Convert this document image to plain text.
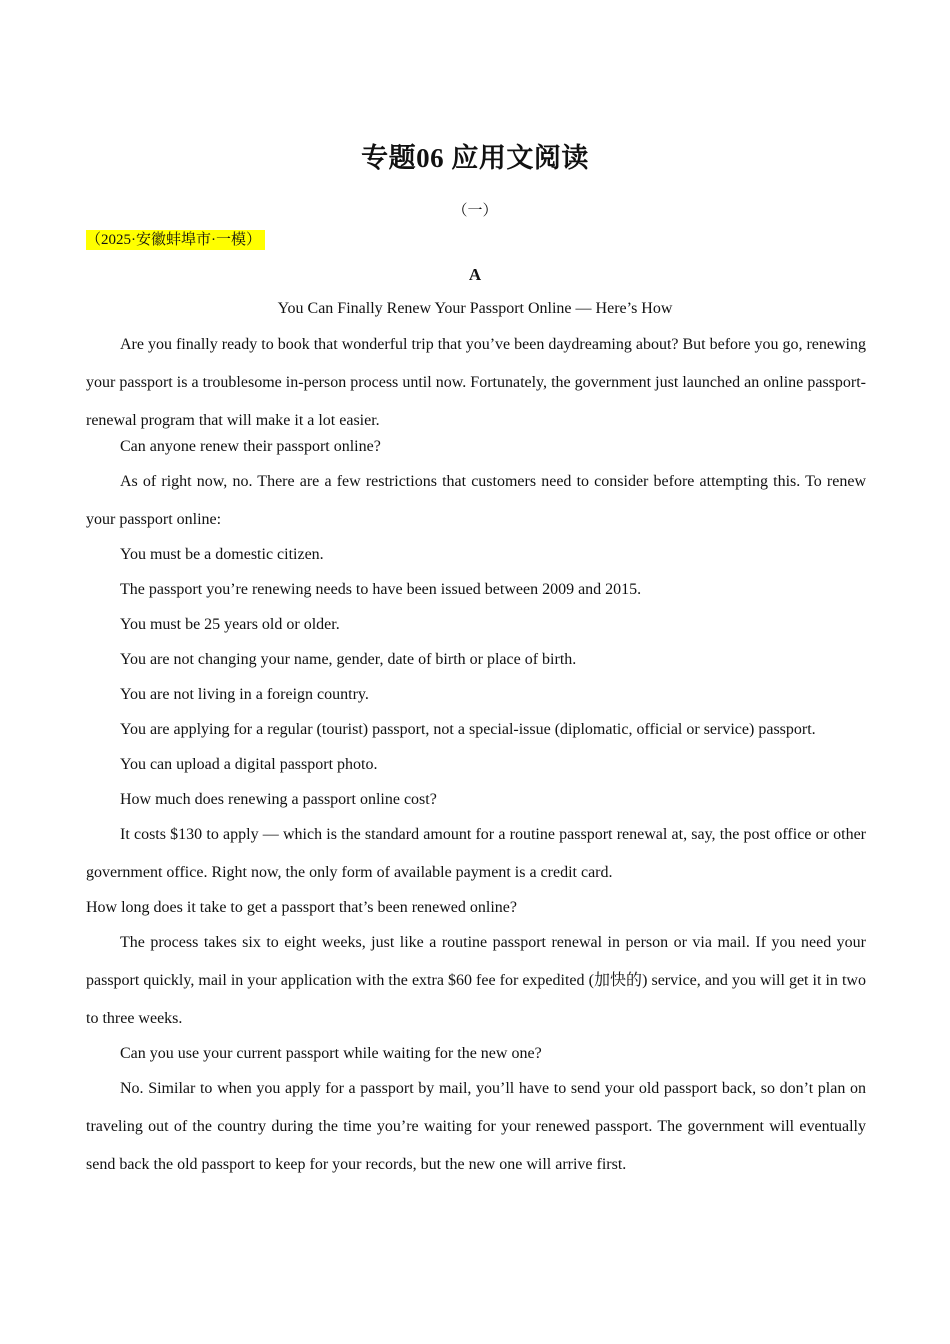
专题06 应用文阅读
（一）
（2025·安徽蚌埠市·一模）
A
You Can Finally Renew Your Passport Online — Here’s How

Are you finally ready to book that wonderful trip that you’ve been daydreaming about? But before you go, renewing your passport is a troublesome in-person process until now. Fortunately, the government just launched an online passport-renewal program that will make it a lot easier.

Can anyone renew their passport online?

As of right now, no. There are a few restrictions that customers need to consider before attempting this. To renew your passport online:

You must be a domestic citizen.

The passport you’re renewing needs to have been issued between 2009 and 2015.

You must be 25 years old or older.

You are not changing your name, gender, date of birth or place of birth.

You are not living in a foreign country.

You are applying for a regular (tourist) passport, not a special-issue (diplomatic, official or service) passport.

You can upload a digital passport photo.

How much does renewing a passport online cost?

It costs $130 to apply — which is the standard amount for a routine passport renewal at, say, the post office or other government office. Right now, the only form of available payment is a credit card.

How long does it take to get a passport that’s been renewed online?

The process takes six to eight weeks, just like a routine passport renewal in person or via mail. If you need your passport quickly, mail in your application with the extra $60 fee for expedited (加快的) service, and you will get it in two to three weeks.

Can you use your current passport while waiting for the new one?

No. Similar to when you apply for a passport by mail, you’ll have to send your old passport back, so don’t plan on traveling out of the country during the time you’re waiting for your renewed passport. The government will eventually send back the old passport to keep for your records, but the new one will arrive first.
